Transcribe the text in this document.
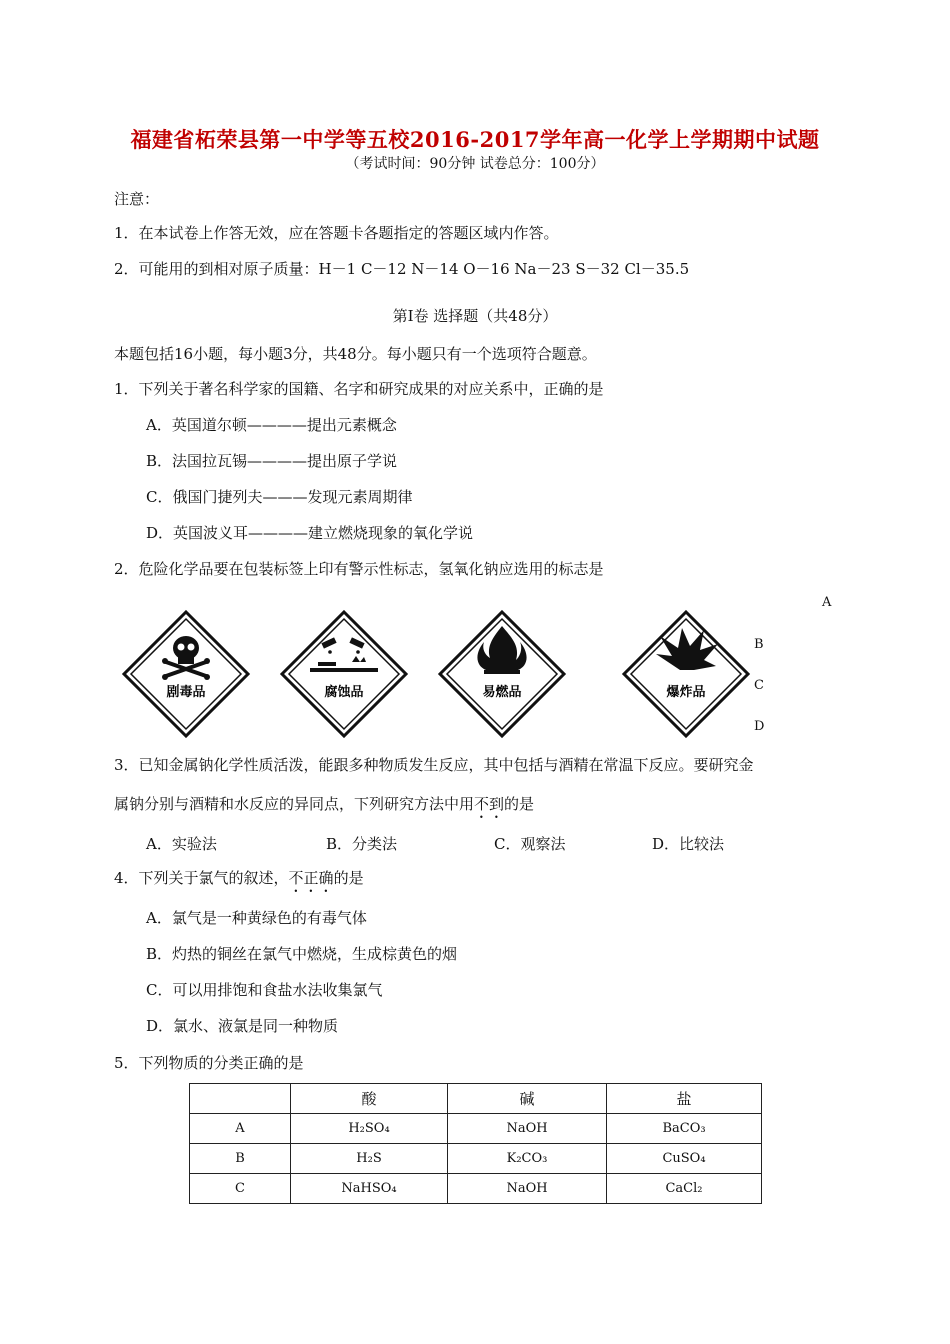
福建省柘荣县第一中学等五校2016-2017学年高一化学上学期期中试题
（考试时间：90分钟 试卷总分：100分）
注意：
1．在本试卷上作答无效，应在答题卡各题指定的答题区域内作答。
2．可能用的到相对原子质量：H－1 C－12 N－14 O－16 Na－23 S－32 Cl－35.5
第Ⅰ卷 选择题（共48分）
本题包括16小题，每小题3分，共48分。每小题只有一个选项符合题意。
1．下列关于著名科学家的国籍、名字和研究成果的对应关系中，正确的是
A．英国道尔顿————提出元素概念
B．法国拉瓦锡————提出原子学说
C．俄国门捷列夫———发现元素周期律
D．英国波义耳————建立燃烧现象的氧化学说
2．危险化学品要在包装标签上印有警示性标志，氢氧化钠应选用的标志是
A
B
C
D
剧毒品	腐蚀品	易燃品	爆炸品
3．已知金属钠化学性质活泼，能跟多种物质发生反应，其中包括与酒精在常温下反应。要研究金
属钠分别与酒精和水反应的异同点，下列研究方法中用不到的是
A．实验法	B．分类法	C．观察法	D．比较法
4．下列关于氯气的叙述，不正确的是
A．氯气是一种黄绿色的有毒气体
B．灼热的铜丝在氯气中燃烧，生成棕黄色的烟
C．可以用排饱和食盐水法收集氯气
D．氯水、液氯是同一种物质
5．下列物质的分类正确的是
	酸	碱	盐
A	H₂SO₄	NaOH	BaCO₃
B	H₂S	K₂CO₃	CuSO₄
C	NaHSO₄	NaOH	CaCl₂
